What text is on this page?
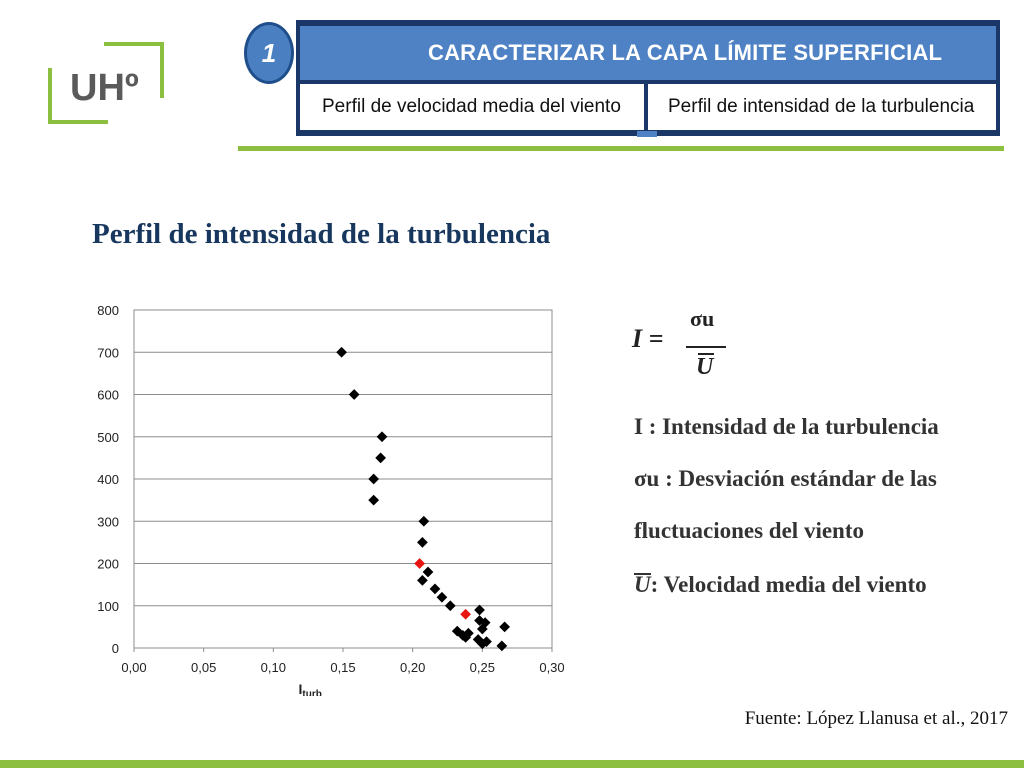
UHº
1	CARACTERIZAR LA CAPA LÍMITE SUPERFICIAL
Perfil de velocidad media del viento	Perfil de intensidad de la turbulencia
Perfil de intensidad de la turbulencia
0
100
200
300
400
500
600
700
800
0,00	0,05	0,10	0,15	0,20	0,25	0,30
$I_{turb}$
I =
σu
U
I : Intensidad de la turbulencia
σu : Desviación estándar de las
fluctuaciones del viento
U: Velocidad media del viento
Fuente: López Llanusa et al., 2017
